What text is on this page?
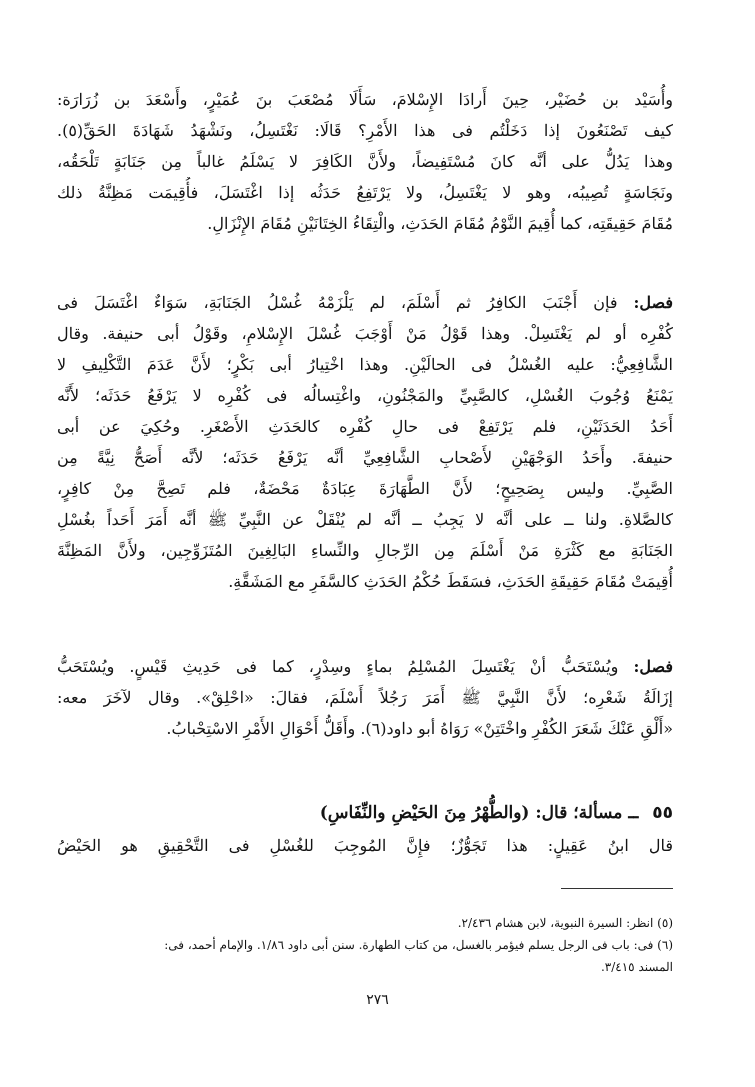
وأُسَيْد بن حُضَيْر، حِينَ أَرادَا الإِسْلامَ، سَأَلَا مُصْعَبَ بنَ عُمَيْرٍ، وأَسْعَدَ بن زُرَارَة:
كيف تَصْنَعُونَ إذا دَخَلْتُم فى هذا الأَمْرِ؟ قَالَا: نَغْتَسِلُ، ونَشْهَدُ شَهَادَةَ الحَقِّ(٥).
وهذا يَدُلُّ على أنَّه كانَ مُسْتَفِيضاً، ولأَنَّ الكَافِرَ لا يَسْلَمُ غالباً مِن جَنَابَةٍ تَلْحَقُه،
ونَجَاسَةٍ تُصِيبُه، وهو لا يَغْتَسِلُ، ولا يَرْتَفِعُ حَدَثُه إذا اغْتَسَلَ، فأُقِيمَت مَظِنَّةُ ذلك
مُقَامَ حَقِيقَتِه، كما أُقِيمَ النَّوْمُ مُقَامَ الحَدَثِ، والْتِقَاءُ الخِتَانَيْنِ مُقَامَ الإِنْزَالِ.
فصل: فإن أَجْنَبَ الكافِرُ ثم أَسْلَمَ، لم يَلْزَمْهُ غُسْلُ الجَنَابَةِ، سَوَاءٌ اغْتَسَلَ فى
كُفْرِه أو لم يَغْتَسِلْ. وهذا قَوْلُ مَنْ أَوْجَبَ غُسْلَ الإِسْلامِ، وقَوْلُ أبى حنيفة. وقال
الشَّافِعِيُّ: عليه الغُسْلُ فى الحالَيْنِ. وهذا اخْتِيارُ أبى بَكْرٍ؛ لأَنَّ عَدَمَ التَّكْلِيفِ لا
يَمْنَعُ وُجُوبَ الغُسْلِ، كالصَّبِيِّ والمَجْنُونِ، واغْتِسالُه فى كُفْرِه لا يَرْفَعُ حَدَثَه؛ لأَنَّه
أَحَدُ الحَدَثَيْنِ، فلم يَرْتَفِعْ فى حالِ كُفْرِه كالحَدَثِ الأَصْغَرِ. وحُكِيَ عن أبى
حنيفةَ. وأَحَدُ الوَجْهَيْنِ لأَصْحابِ الشَّافِعِيِّ أنَّه يَرْفَعُ حَدَثَه؛ لأنَّه أَصَحُّ نِيَّةً مِن
الصَّبِيِّ. وليس بِصَحِيحٍ؛ لأَنَّ الطَّهَارَةَ عِبَادَةٌ مَحْضَةٌ، فلم تَصِحَّ مِنْ كافِرٍ،
كالصَّلاةِ. ولنا ــ على أنَّه لا يَجِبُ ــ أنَّه لم يُنْقَلْ عن النَّبِيِّ ﷺ أنَّه أَمَرَ أَحَداً بغُسْلِ
الجَنَابَةِ مع كَثْرَةِ مَنْ أَسْلَمَ مِن الرِّجالِ والنِّساءِ البَالِغِينَ المُتَزَوِّجِين، ولأَنَّ المَظِنَّةَ
أُقِيمَتْ مُقَامَ حَقِيقَةِ الحَدَثِ، فسَقَطَ حُكْمُ الحَدَثِ كالسَّفَرِ مع المَشَقَّةِ.
فصل: ويُسْتَحَبُّ أنْ يَغْتَسِلَ المُسْلِمُ بماءٍ وسِدْرٍ، كما فى حَدِيثِ قَيْسٍ. ويُسْتَحَبُّ
إزَالَةُ شَعْرِه؛ لأَنَّ النَّبِيَّ ﷺ أَمَرَ رَجُلاً أَسْلَمَ، فقالَ: «احْلِقْ». وقال لآخَرَ معه:
«أَلْقِ عَنْكَ شَعَرَ الكُفْرِ واخْتَتِنْ» رَوَاهُ أبو داود(٦). وأَقَلُّ أَحْوَالِ الأَمْرِ الاسْتِحْبابُ.
٥٥ ــ مسألة؛ قال: (والطُّهْرُ مِنَ الحَيْضِ والنِّفَاسِ)
قال ابنُ عَقِيلٍ: هذا تَجَوُّزٌ؛ فإِنَّ المُوجِبَ للغُسْلِ فى التَّحْقِيقِ هو الحَيْضُ
(٥) انظر: السيرة النبوية، لابن هشام ٢/٤٣٦.
(٦) فى: باب فى الرجل يسلم فيؤمر بالغسل، من كتاب الطهارة. سنن أبى داود ١/٨٦. والإمام أحمد، فى:
المسند ٣/٤١٥.
٢٧٦
